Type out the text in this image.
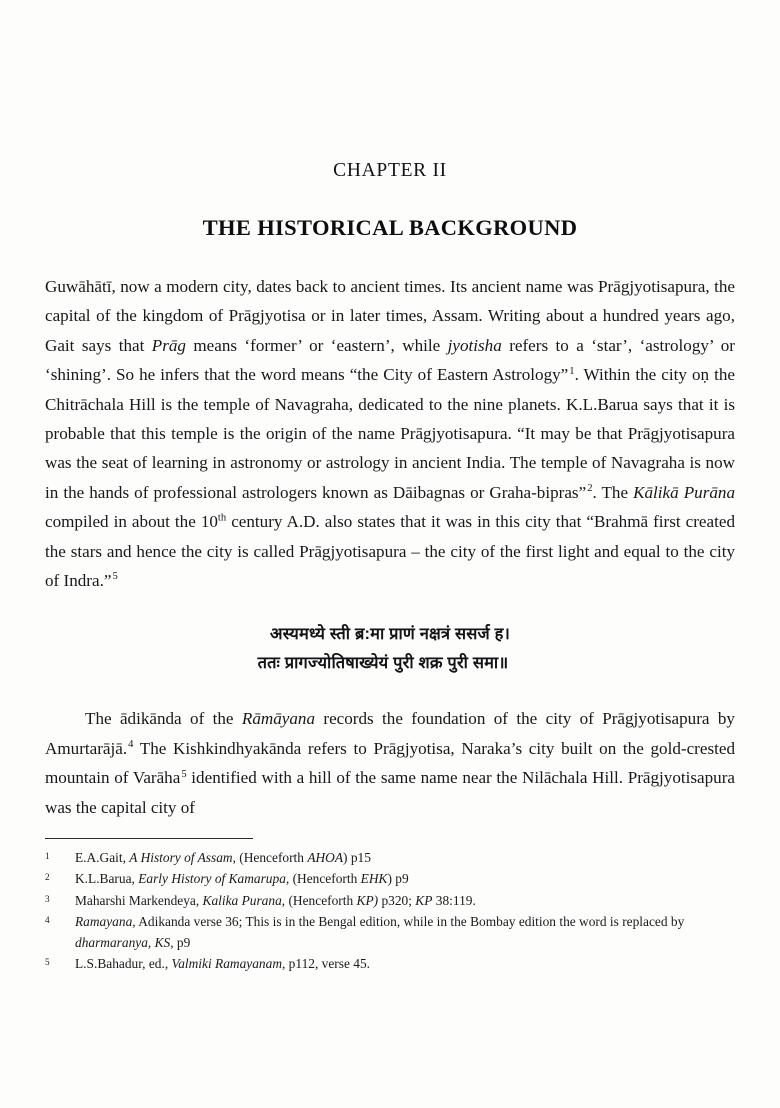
CHAPTER II
THE HISTORICAL BACKGROUND

Guwāhātī, now a modern city, dates back to ancient times. Its ancient name was Prāgjyotisapura, the capital of the kingdom of Prāgjyotisa or in later times, Assam. Writing about a hundred years ago, Gait says that Prāg means ‘former’ or ‘eastern’, while jyotisha refers to a ‘star’, ‘astrology’ or ‘shining’. So he infers that the word means “the City of Eastern Astrology”$^1$. Within the city oṇ the Chitrāchala Hill is the temple of Navagraha, dedicated to the nine planets. K.L.Barua says that it is probable that this temple is the origin of the name Prāgjyotisapura. “It may be that Prāgjyotisapura was the seat of learning in astronomy or astrology in ancient India. The temple of Navagraha is now in the hands of professional astrologers known as Dāibagnas or Graha-bipras”$^2$. The Kālikā Purāna compiled in about the 10th century A.D. also states that it was in this city that “Brahmā first created the stars and hence the city is called Prāgjyotisapura – the city of the first light and equal to the city of Indra.”$^5$

अस्यमध्ये स्ती ब्र:मा प्राणं नक्षत्रं ससर्ज ह।
ततः प्रागज्योतिषाख्येयं पुरी शक्र पुरी समा॥

The ādikānda of the Rāmāyana records the foundation of the city of Prāgjyotisapura by Amurtarājā.$^4$ The Kishkindhyakānda refers to Prāgjyotisa, Naraka’s city built on the gold-crested mountain of Varāha$^5$ identified with a hill of the same name near the Nilāchala Hill. Prāgjyotisapura was the capital city of

1	E.A.Gait, A History of Assam, (Henceforth AHOA) p15
2	K.L.Barua, Early History of Kamarupa, (Henceforth EHK) p9
3	Maharshi Markendeya, Kalika Purana, (Henceforth KP) p320; KP 38:119.
4	Ramayana, Adikanda verse 36; This is in the Bengal edition, while in the Bombay edition the word is replaced by dharmaranya, KS, p9
5	L.S.Bahadur, ed., Valmiki Ramayanam, p112, verse 45.
